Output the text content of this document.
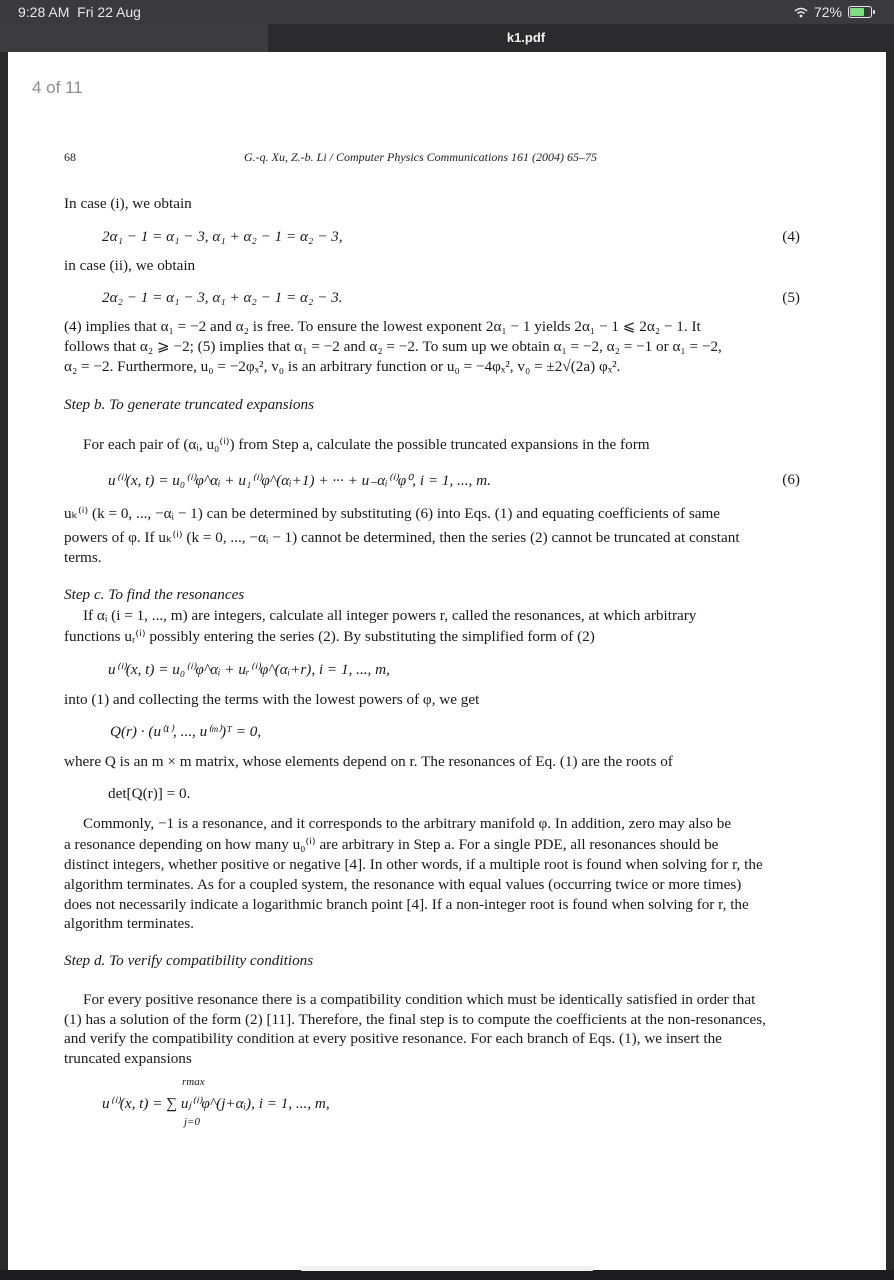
9:28 AM Fri 22 Aug	72%
k1.pdf
4 of 11
68	G.-q. Xu, Z.-b. Li / Computer Physics Communications 161 (2004) 65–75
In case (i), we obtain
2α₁ − 1 = α₁ − 3, α₁ + α₂ − 1 = α₂ − 3,	(4)
in case (ii), we obtain
2α₂ − 1 = α₁ − 3, α₁ + α₂ − 1 = α₂ − 3.	(5)
(4) implies that α₁ = −2 and α₂ is free. To ensure the lowest exponent 2α₁ − 1 yields 2α₁ − 1 ⩽ 2α₂ − 1. It
follows that α₂ ⩾ −2; (5) implies that α₁ = −2 and α₂ = −2. To sum up we obtain α₁ = −2, α₂ = −1 or α₁ = −2,
α₂ = −2. Furthermore, u₀ = −2φₓ², v₀ is an arbitrary function or u₀ = −4φₓ², v₀ = ±2√(2a) φₓ².
Step b. To generate truncated expansions
For each pair of (αᵢ, u₀⁽ⁱ⁾) from Step a, calculate the possible truncated expansions in the form
u⁽ⁱ⁾(x, t) = u₀⁽ⁱ⁾φ^αᵢ + u₁⁽ⁱ⁾φ^(αᵢ+1) + ··· + u₋αᵢ⁽ⁱ⁾φ⁰, i = 1, ..., m.	(6)
uₖ⁽ⁱ⁾ (k = 0, ..., −αᵢ − 1) can be determined by substituting (6) into Eqs. (1) and equating coefficients of same
powers of φ. If uₖ⁽ⁱ⁾ (k = 0, ..., −αᵢ − 1) cannot be determined, then the series (2) cannot be truncated at constant
terms.
Step c. To find the resonances
If αᵢ (i = 1, ..., m) are integers, calculate all integer powers r, called the resonances, at which arbitrary
functions uᵣ⁽ⁱ⁾ possibly entering the series (2). By substituting the simplified form of (2)
u⁽ⁱ⁾(x, t) = u₀⁽ⁱ⁾φ^αᵢ + uᵣ⁽ⁱ⁾φ^(αᵢ+r), i = 1, ..., m,
into (1) and collecting the terms with the lowest powers of φ, we get
Q(r) · (u⁽¹⁾, ..., u⁽ᵐ⁾)ᵀ = 0,
where Q is an m × m matrix, whose elements depend on r. The resonances of Eq. (1) are the roots of
det[Q(r)] = 0.
Commonly, −1 is a resonance, and it corresponds to the arbitrary manifold φ. In addition, zero may also be
a resonance depending on how many u₀⁽ⁱ⁾ are arbitrary in Step a. For a single PDE, all resonances should be
distinct integers, whether positive or negative [4]. In other words, if a multiple root is found when solving for r, the
algorithm terminates. As for a coupled system, the resonance with equal values (occurring twice or more times)
does not necessarily indicate a logarithmic branch point [4]. If a non-integer root is found when solving for r, the
algorithm terminates.
Step d. To verify compatibility conditions
For every positive resonance there is a compatibility condition which must be identically satisfied in order that
(1) has a solution of the form (2) [11]. Therefore, the final step is to compute the coefficients at the non-resonances,
and verify the compatibility condition at every positive resonance. For each branch of Eqs. (1), we insert the
truncated expansions
rmax
u⁽ⁱ⁾(x, t) = ∑ uⱼ⁽ⁱ⁾φ^(j+αᵢ), i = 1, ..., m,
j=0
